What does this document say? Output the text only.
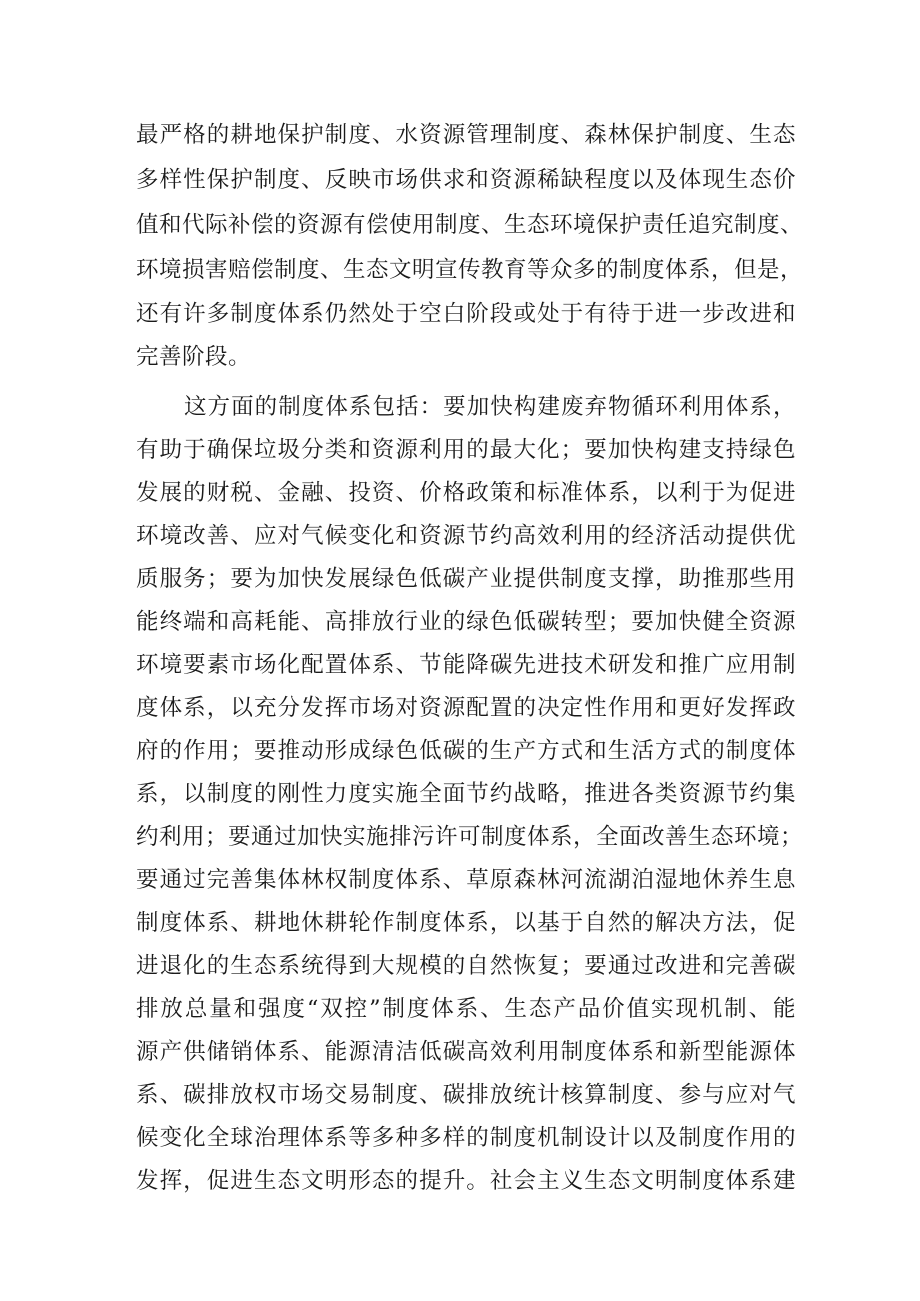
最严格的耕地保护制度、水资源管理制度、森林保护制度、生态
多样性保护制度、反映市场供求和资源稀缺程度以及体现生态价
值和代际补偿的资源有偿使用制度、生态环境保护责任追究制度、
环境损害赔偿制度、生态文明宣传教育等众多的制度体系，但是，
还有许多制度体系仍然处于空白阶段或处于有待于进一步改进和
完善阶段。
这方面的制度体系包括：要加快构建废弃物循环利用体系，
有助于确保垃圾分类和资源利用的最大化；要加快构建支持绿色
发展的财税、金融、投资、价格政策和标准体系，以利于为促进
环境改善、应对气候变化和资源节约高效利用的经济活动提供优
质服务；要为加快发展绿色低碳产业提供制度支撑，助推那些用
能终端和高耗能、高排放行业的绿色低碳转型；要加快健全资源
环境要素市场化配置体系、节能降碳先进技术研发和推广应用制
度体系，以充分发挥市场对资源配置的决定性作用和更好发挥政
府的作用；要推动形成绿色低碳的生产方式和生活方式的制度体
系，以制度的刚性力度实施全面节约战略，推进各类资源节约集
约利用；要通过加快实施排污许可制度体系，全面改善生态环境；
要通过完善集体林权制度体系、草原森林河流湖泊湿地休养生息
制度体系、耕地休耕轮作制度体系，以基于自然的解决方法，促
进退化的生态系统得到大规模的自然恢复；要通过改进和完善碳
排放总量和强度“双控”制度体系、生态产品价值实现机制、能
源产供储销体系、能源清洁低碳高效利用制度体系和新型能源体
系、碳排放权市场交易制度、碳排放统计核算制度、参与应对气
候变化全球治理体系等多种多样的制度机制设计以及制度作用的
发挥，促进生态文明形态的提升。社会主义生态文明制度体系建
